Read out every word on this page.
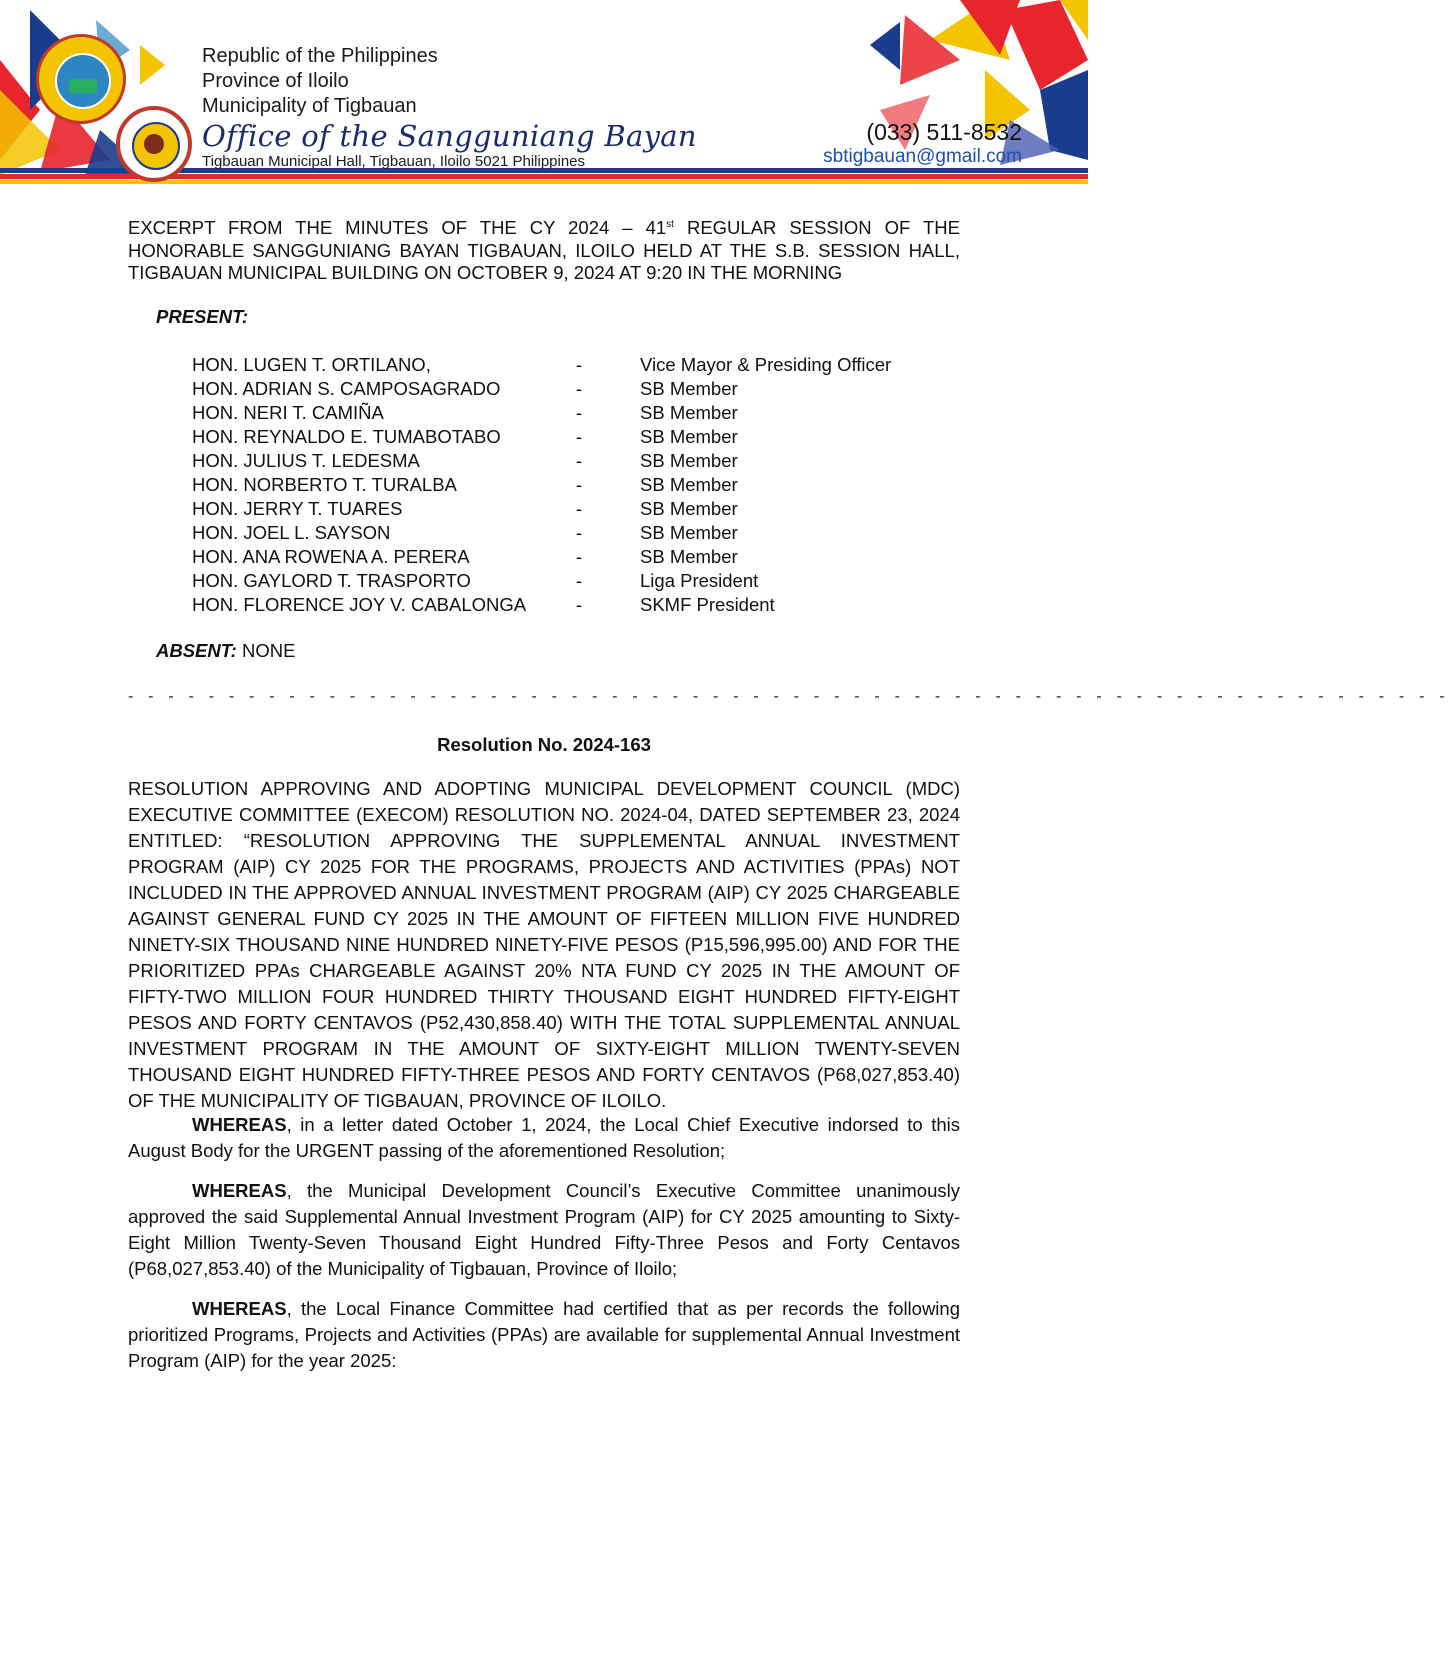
Republic of the Philippines
Province of Iloilo
Municipality of Tigbauan
Office of the Sangguniang Bayan
Tigbauan Municipal Hall, Tigbauan, Iloilo 5021 Philippines
(033) 511-8532
sbtigbauan@gmail.com

EXCERPT FROM THE MINUTES OF THE CY 2024 – 41st REGULAR SESSION OF THE HONORABLE SANGGUNIANG BAYAN TIGBAUAN, ILOILO HELD AT THE S.B. SESSION HALL, TIGBAUAN MUNICIPAL BUILDING ON OCTOBER 9, 2024 AT 9:20 IN THE MORNING

PRESENT:
HON. LUGEN T. ORTILANO,	-	Vice Mayor & Presiding Officer
HON. ADRIAN S. CAMPOSAGRADO	-	SB Member
HON. NERI T. CAMIÑA	-	SB Member
HON. REYNALDO E. TUMABOTABO	-	SB Member
HON. JULIUS T. LEDESMA	-	SB Member
HON. NORBERTO T. TURALBA	-	SB Member
HON. JERRY T. TUARES	-	SB Member
HON. JOEL L. SAYSON	-	SB Member
HON. ANA ROWENA A. PERERA	-	SB Member
HON. GAYLORD T. TRASPORTO	-	Liga President
HON. FLORENCE JOY V. CABALONGA	-	SKMF President
ABSENT: NONE
- - - - - - - - - - - - - - - - - - - - - - - - - - - - - - - - - - - - - - - - - - - - - - - - - - - - - - - - - - - - - - - - - -
Resolution No. 2024-163

RESOLUTION APPROVING AND ADOPTING MUNICIPAL DEVELOPMENT COUNCIL (MDC) EXECUTIVE COMMITTEE (EXECOM) RESOLUTION NO. 2024-04, DATED SEPTEMBER 23, 2024 ENTITLED: “RESOLUTION APPROVING THE SUPPLEMENTAL ANNUAL INVESTMENT PROGRAM (AIP) CY 2025 FOR THE PROGRAMS, PROJECTS AND ACTIVITIES (PPAs) NOT INCLUDED IN THE APPROVED ANNUAL INVESTMENT PROGRAM (AIP) CY 2025 CHARGEABLE AGAINST GENERAL FUND CY 2025 IN THE AMOUNT OF FIFTEEN MILLION FIVE HUNDRED NINETY-SIX THOUSAND NINE HUNDRED NINETY-FIVE PESOS (P15,596,995.00) AND FOR THE PRIORITIZED PPAs CHARGEABLE AGAINST 20% NTA FUND CY 2025 IN THE AMOUNT OF FIFTY-TWO MILLION FOUR HUNDRED THIRTY THOUSAND EIGHT HUNDRED FIFTY-EIGHT PESOS AND FORTY CENTAVOS (P52,430,858.40) WITH THE TOTAL SUPPLEMENTAL ANNUAL INVESTMENT PROGRAM IN THE AMOUNT OF SIXTY-EIGHT MILLION TWENTY-SEVEN THOUSAND EIGHT HUNDRED FIFTY-THREE PESOS AND FORTY CENTAVOS (P68,027,853.40) OF THE MUNICIPALITY OF TIGBAUAN, PROVINCE OF ILOILO.

WHEREAS, in a letter dated October 1, 2024, the Local Chief Executive indorsed to this August Body for the URGENT passing of the aforementioned Resolution;

WHEREAS, the Municipal Development Council’s Executive Committee unanimously approved the said Supplemental Annual Investment Program (AIP) for CY 2025 amounting to Sixty-Eight Million Twenty-Seven Thousand Eight Hundred Fifty-Three Pesos and Forty Centavos (P68,027,853.40) of the Municipality of Tigbauan, Province of Iloilo;

WHEREAS, the Local Finance Committee had certified that as per records the following prioritized Programs, Projects and Activities (PPAs) are available for supplemental Annual Investment Program (AIP) for the year 2025:
